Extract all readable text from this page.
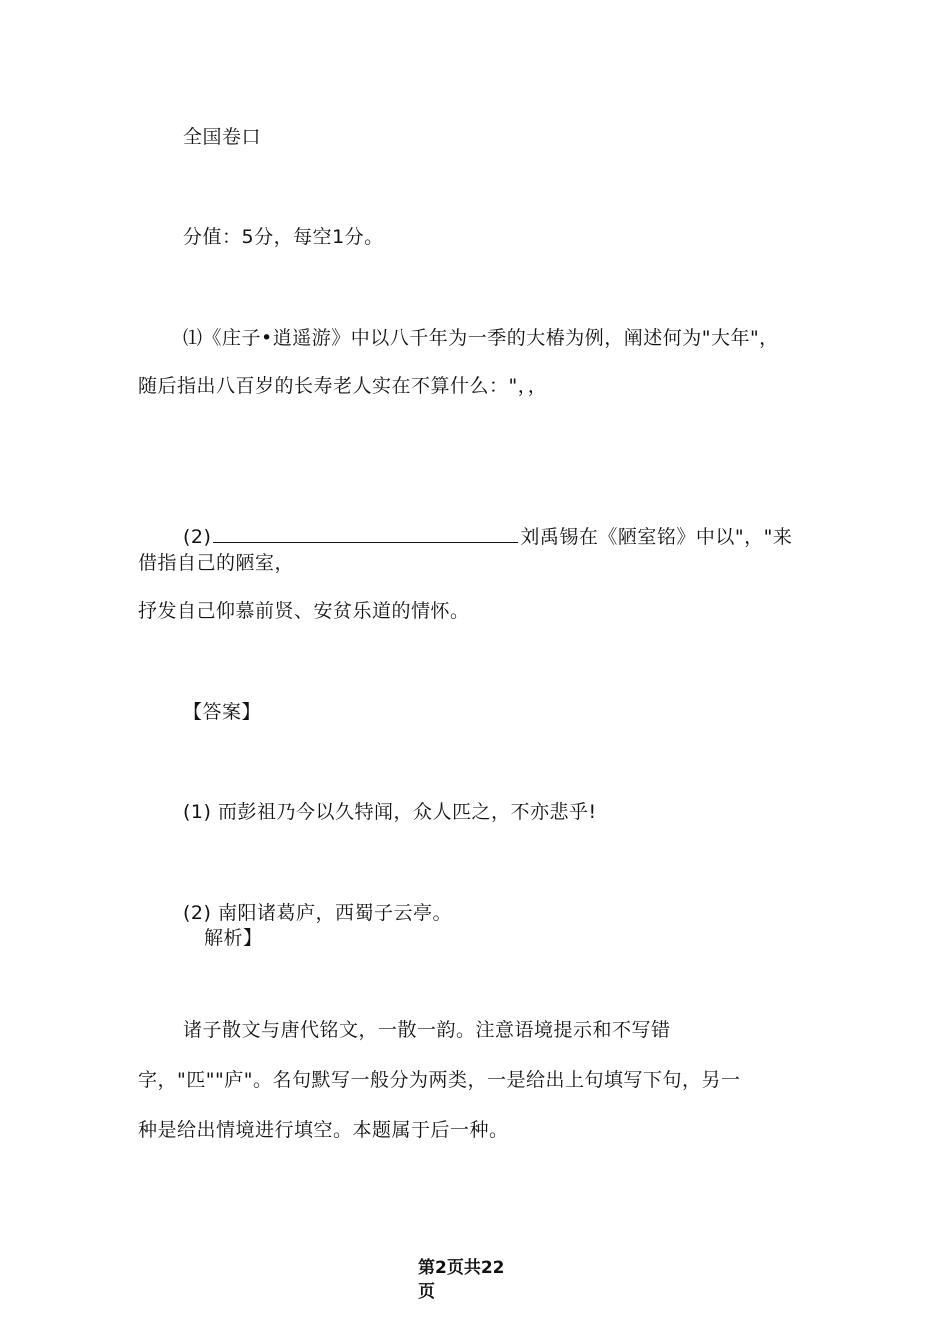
全国卷口
分值：5分，每空1分。
⑴《庄子•逍遥游》中以八千年为一季的大椿为例，阐述何为"大年"，
随后指出八百岁的长寿老人实在不算什么："，，
(2)	刘禹锡在《陋室铭》中以"，"来
借指自己的陋室，
抒发自己仰慕前贤、安贫乐道的情怀。
【答案】
(1) 而彭祖乃今以久特闻，众人匹之，不亦悲乎!
(2) 南阳诸葛庐，西蜀子云亭。
解析】
诸子散文与唐代铭文，一散一韵。注意语境提示和不写错
字，"匹""庐"。名句默写一般分为两类，一是给出上句填写下句，另一
种是给出情境进行填空。本题属于后一种。
第2页共22
页
